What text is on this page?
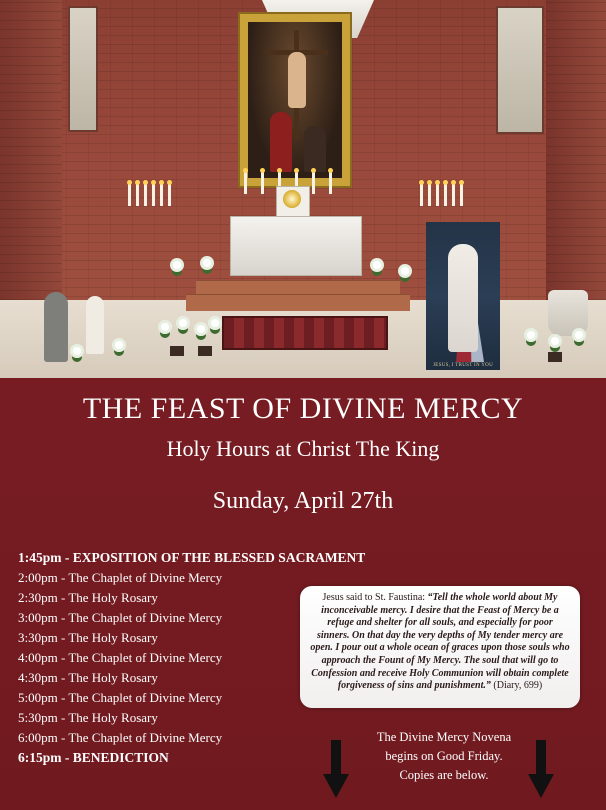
JESUS, I TRUST IN YOU
THE FEAST OF DIVINE MERCY
Holy Hours at Christ The King
Sunday, April 27th
1:45pm - EXPOSITION OF THE BLESSED SACRAMENT
2:00pm - The Chaplet of Divine Mercy
2:30pm - The Holy Rosary
3:00pm - The Chaplet of Divine Mercy
3:30pm - The Holy Rosary
4:00pm - The Chaplet of Divine Mercy
4:30pm - The Holy Rosary
5:00pm - The Chaplet of Divine Mercy
5:30pm - The Holy Rosary
6:00pm - The Chaplet of Divine Mercy
6:15pm - BENEDICTION
Jesus said to St. Faustina: “Tell the whole world about My inconceivable mercy. I desire that the Feast of Mercy be a refuge and shelter for all souls, and especially for poor sinners. On that day the very depths of My tender mercy are open. I pour out a whole ocean of graces upon those souls who approach the Fount of My Mercy. The soul that will go to Confession and receive Holy Communion will obtain complete forgiveness of sins and punishment.” (Diary, 699)
The Divine Mercy Novena
begins on Good Friday.
Copies are below.
